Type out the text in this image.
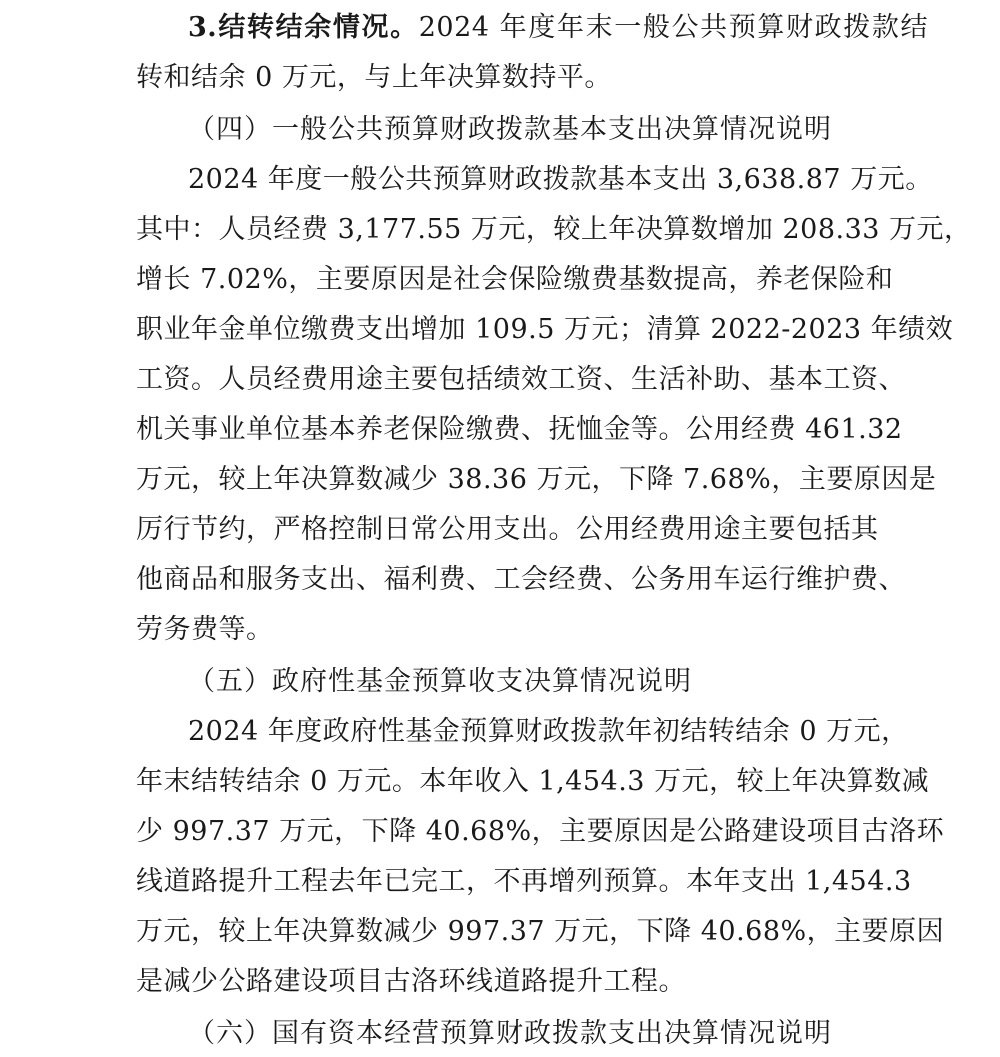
3.结转结余情况。2024 年度年末一般公共预算财政拨款结
转和结余 0 万元，与上年决算数持平。
（四）一般公共预算财政拨款基本支出决算情况说明
2024 年度一般公共预算财政拨款基本支出 3,638.87 万元。
其中：人员经费 3,177.55 万元，较上年决算数增加 208.33 万元，
增长 7.02%，主要原因是社会保险缴费基数提高，养老保险和
职业年金单位缴费支出增加 109.5 万元；清算 2022-2023 年绩效
工资。人员经费用途主要包括绩效工资、生活补助、基本工资、
机关事业单位基本养老保险缴费、抚恤金等。公用经费 461.32
万元，较上年决算数减少 38.36 万元，下降 7.68%，主要原因是
厉行节约，严格控制日常公用支出。公用经费用途主要包括其
他商品和服务支出、福利费、工会经费、公务用车运行维护费、
劳务费等。
（五）政府性基金预算收支决算情况说明
2024 年度政府性基金预算财政拨款年初结转结余 0 万元，
年末结转结余 0 万元。本年收入 1,454.3 万元，较上年决算数减
少 997.37 万元，下降 40.68%，主要原因是公路建设项目古洛环
线道路提升工程去年已完工，不再增列预算。本年支出 1,454.3
万元，较上年决算数减少 997.37 万元，下降 40.68%，主要原因
是减少公路建设项目古洛环线道路提升工程。
（六）国有资本经营预算财政拨款支出决算情况说明
